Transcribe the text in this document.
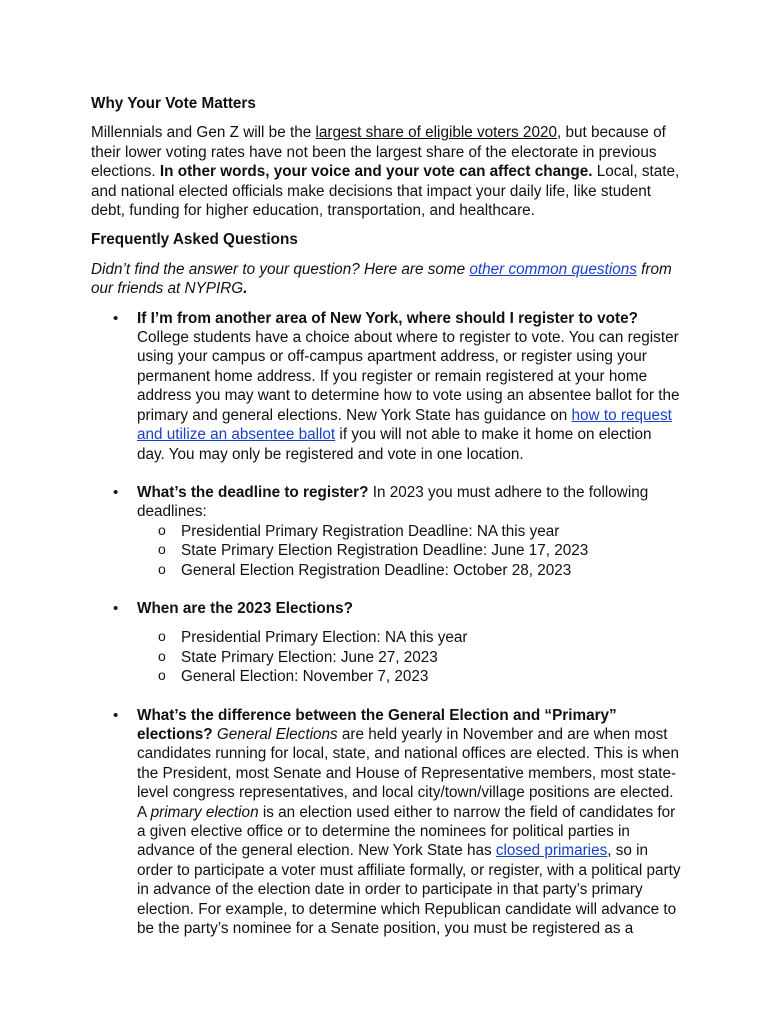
Why Your Vote Matters

Millennials and Gen Z will be the largest share of eligible voters 2020, but because of their lower voting rates have not been the largest share of the electorate in previous elections. In other words, your voice and your vote can affect change. Local, state, and national elected officials make decisions that impact your daily life, like student debt, funding for higher education, transportation, and healthcare.

Frequently Asked Questions

Didn’t find the answer to your question? Here are some other common questions from our friends at NYPIRG.

• If I’m from another area of New York, where should I register to vote? College students have a choice about where to register to vote. You can register using your campus or off-campus apartment address, or register using your permanent home address. If you register or remain registered at your home address you may want to determine how to vote using an absentee ballot for the primary and general elections. New York State has guidance on how to request and utilize an absentee ballot if you will not able to make it home on election day. You may only be registered and vote in one location.
• What’s the deadline to register? In 2023 you must adhere to the following deadlines:
o Presidential Primary Registration Deadline: NA this year
o State Primary Election Registration Deadline: June 17, 2023
o General Election Registration Deadline: October 28, 2023
• When are the 2023 Elections?
o Presidential Primary Election: NA this year
o State Primary Election: June 27, 2023
o General Election: November 7, 2023
• What’s the difference between the General Election and “Primary” elections? General Elections are held yearly in November and are when most candidates running for local, state, and national offices are elected. This is when the President, most Senate and House of Representative members, most state-level congress representatives, and local city/town/village positions are elected. A primary election is an election used either to narrow the field of candidates for a given elective office or to determine the nominees for political parties in advance of the general election. New York State has closed primaries, so in order to participate a voter must affiliate formally, or register, with a political party in advance of the election date in order to participate in that party’s primary election. For example, to determine which Republican candidate will advance to be the party’s nominee for a Senate position, you must be registered as a
